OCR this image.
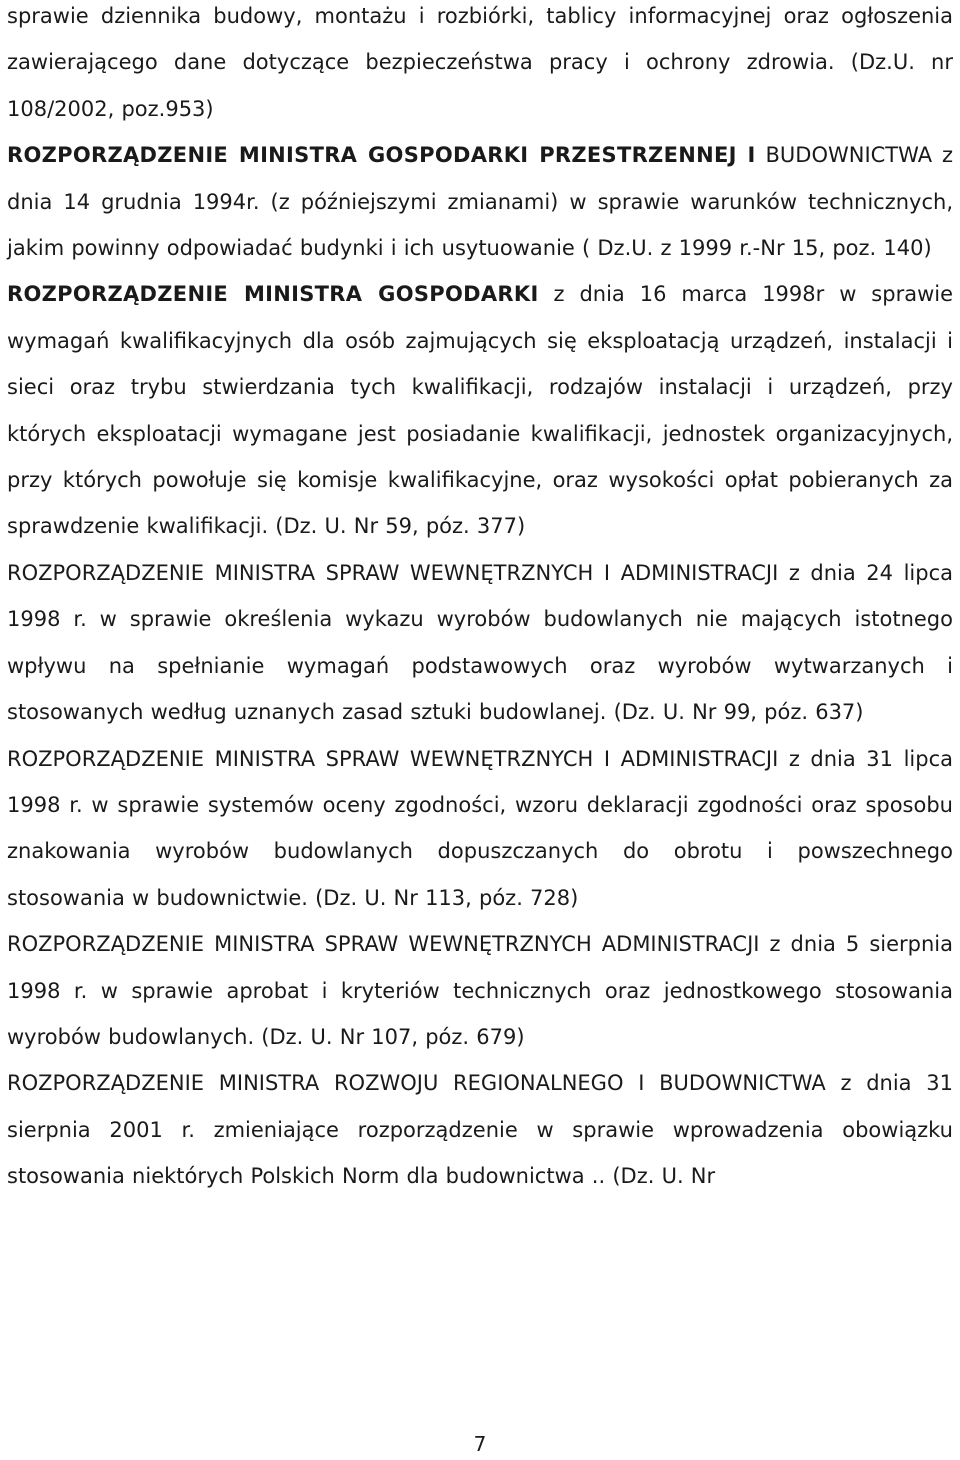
sprawie dziennika budowy, montażu i rozbiórki, tablicy informacyjnej oraz ogłoszenia zawierającego dane dotyczące bezpieczeństwa pracy i ochrony zdrowia. (Dz.U. nr 108/2002, poz.953)

ROZPORZĄDZENIE MINISTRA GOSPODARKI PRZESTRZENNEJ I BUDOWNICTWA z dnia 14 grudnia 1994r. (z późniejszymi zmianami) w sprawie warunków technicznych, jakim powinny odpowiadać budynki i ich usytuowanie ( Dz.U. z 1999 r.-Nr 15, poz. 140)

ROZPORZĄDZENIE MINISTRA GOSPODARKI z dnia 16 marca 1998r w sprawie wymagań kwalifikacyjnych dla osób zajmujących się eksploatacją urządzeń, instalacji i sieci oraz trybu stwierdzania tych kwalifikacji, rodzajów instalacji i urządzeń, przy których eksploatacji wymagane jest posiadanie kwalifikacji, jednostek organizacyjnych, przy których powołuje się komisje kwalifikacyjne, oraz wysokości opłat pobieranych za sprawdzenie kwalifikacji. (Dz. U. Nr 59, póz. 377)

ROZPORZĄDZENIE MINISTRA SPRAW WEWNĘTRZNYCH I ADMINISTRACJI z dnia 24 lipca 1998 r. w sprawie określenia wykazu wyrobów budowlanych nie mających istotnego wpływu na spełnianie wymagań podstawowych oraz wyrobów wytwarzanych i stosowanych według uznanych zasad sztuki budowlanej. (Dz. U. Nr 99, póz. 637)

ROZPORZĄDZENIE MINISTRA SPRAW WEWNĘTRZNYCH I ADMINISTRACJI z dnia 31 lipca 1998 r. w sprawie systemów oceny zgodności, wzoru deklaracji zgodności oraz sposobu znakowania wyrobów budowlanych dopuszczanych do obrotu i powszechnego stosowania w budownictwie. (Dz. U. Nr 113, póz. 728)

ROZPORZĄDZENIE MINISTRA SPRAW WEWNĘTRZNYCH ADMINISTRACJI z dnia 5 sierpnia 1998 r. w sprawie aprobat i kryteriów technicznych oraz jednostkowego stosowania wyrobów budowlanych. (Dz. U. Nr 107, póz. 679)

ROZPORZĄDZENIE MINISTRA ROZWOJU REGIONALNEGO I BUDOWNICTWA z dnia 31 sierpnia 2001 r. zmieniające rozporządzenie w sprawie wprowadzenia obowiązku stosowania niektórych Polskich Norm dla budownictwa .. (Dz. U. Nr

7
